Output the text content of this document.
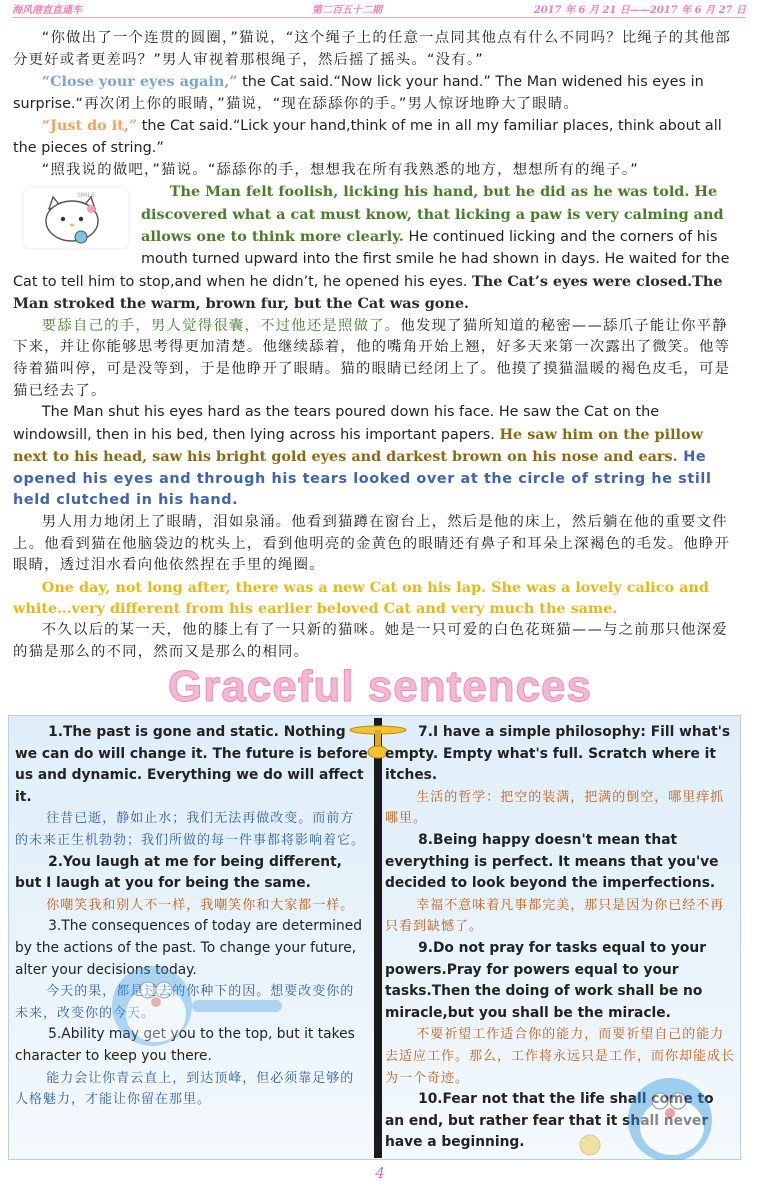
海风港直直通车	第二百五十二期	2017 年 6 月 21 日——2017 年 6 月 27 日

“你做出了一个连贯的圆圈，”猫说，“这个绳子上的任意一点同其他点有什么不同吗？比绳子的其他部分更好或者更差吗？”男人审视着那根绳子，然后摇了摇头。“没有。”

“Close your eyes again,” the Cat said.“Now lick your hand.” The Man widened his eyes in surprise.“再次闭上你的眼睛，”猫说，“现在舔舔你的手。”男人惊讶地睁大了眼睛。

“Just do it,” the Cat said.“Lick your hand,think of me in all my familiar places, think about all the pieces of string.”

“照我说的做吧，”猫说。“舔舔你的手，想想我在所有我熟悉的地方，想想所有的绳子。”

SMILE	The Man felt foolish, licking his hand, but he did as he was told. He discovered what a cat must know, that licking a paw is very calming and allows one to think more clearly. He continued licking and the corners of his mouth turned upward into the first smile he had shown in days. He waited for the Cat to tell him to stop,and when he didn’t, he opened his eyes. The Cat’s eyes were closed.The Man stroked the warm, brown fur, but the Cat was gone.

要舔自己的手，男人觉得很囊，不过他还是照做了。他发现了猫所知道的秘密——舔爪子能让你平静下来，并让你能够思考得更加清楚。他继续舔着，他的嘴角开始上翘，好多天来第一次露出了微笑。他等待着猫叫停，可是没等到，于是他睁开了眼睛。猫的眼睛已经闭上了。他摸了摸猫温暖的褐色皮毛，可是猫已经去了。

The Man shut his eyes hard as the tears poured down his face. He saw the Cat on the windowsill, then in his bed, then lying across his important papers. He saw him on the pillow next to his head, saw his bright gold eyes and darkest brown on his nose and ears. He opened his eyes and through his tears looked over at the circle of string he still held clutched in his hand.

男人用力地闭上了眼睛，泪如泉涌。他看到猫蹲在窗台上，然后是他的床上，然后躺在他的重要文件上。他看到猫在他脑袋边的枕头上，看到他明亮的金黄色的眼睛还有鼻子和耳朵上深褐色的毛发。他睁开眼睛，透过泪水看向他依然捏在手里的绳圈。

One day, not long after, there was a new Cat on his lap. She was a lovely calico and white…very different from his earlier beloved Cat and very much the same.

不久以后的某一天，他的膝上有了一只新的猫咪。她是一只可爱的白色花斑猫——与之前那只他深爱的猫是那么的不同，然而又是那么的相同。

Graceful sentences

1.The past is gone and static. Nothing we can do will change it. The future is before us and dynamic. Everything we do will affect it.

往昔已逝，静如止水；我们无法再做改变。而前方的未来正生机勃勃；我们所做的每一件事都将影响着它。

2.You laugh at me for being different, but I laugh at you for being the same.

你嘲笑我和别人不一样，我嘲笑你和大家都一样。

3.The consequences of today are determined by the actions of the past. To change your future, alter your decisions today.

今天的果，都是过去的你种下的因。想要改变你的未来，改变你的今天。

5.Ability may get you to the top, but it takes character to keep you there.

能力会让你青云直上，到达顶峰，但必须靠足够的人格魅力，才能让你留在那里。

7.I have a simple philosophy: Fill what's empty. Empty what's full. Scratch where it itches.

生活的哲学：把空的装满，把满的倒空，哪里痒抓哪里。

8.Being happy doesn't mean that everything is perfect. It means that you've decided to look beyond the imperfections.

幸福不意味着凡事都完美，那只是因为你已经不再只看到缺憾了。

9.Do not pray for tasks equal to your powers.Pray for powers equal to your tasks.Then the doing of work shall be no miracle,but you shall be the miracle.

不要祈望工作适合你的能力，而要祈望自己的能力去适应工作。那么，工作将永远只是工作，而你却能成长为一个奇迹。

10.Fear not that the life shall come to an end, but rather fear that it shall never have a beginning.

4
